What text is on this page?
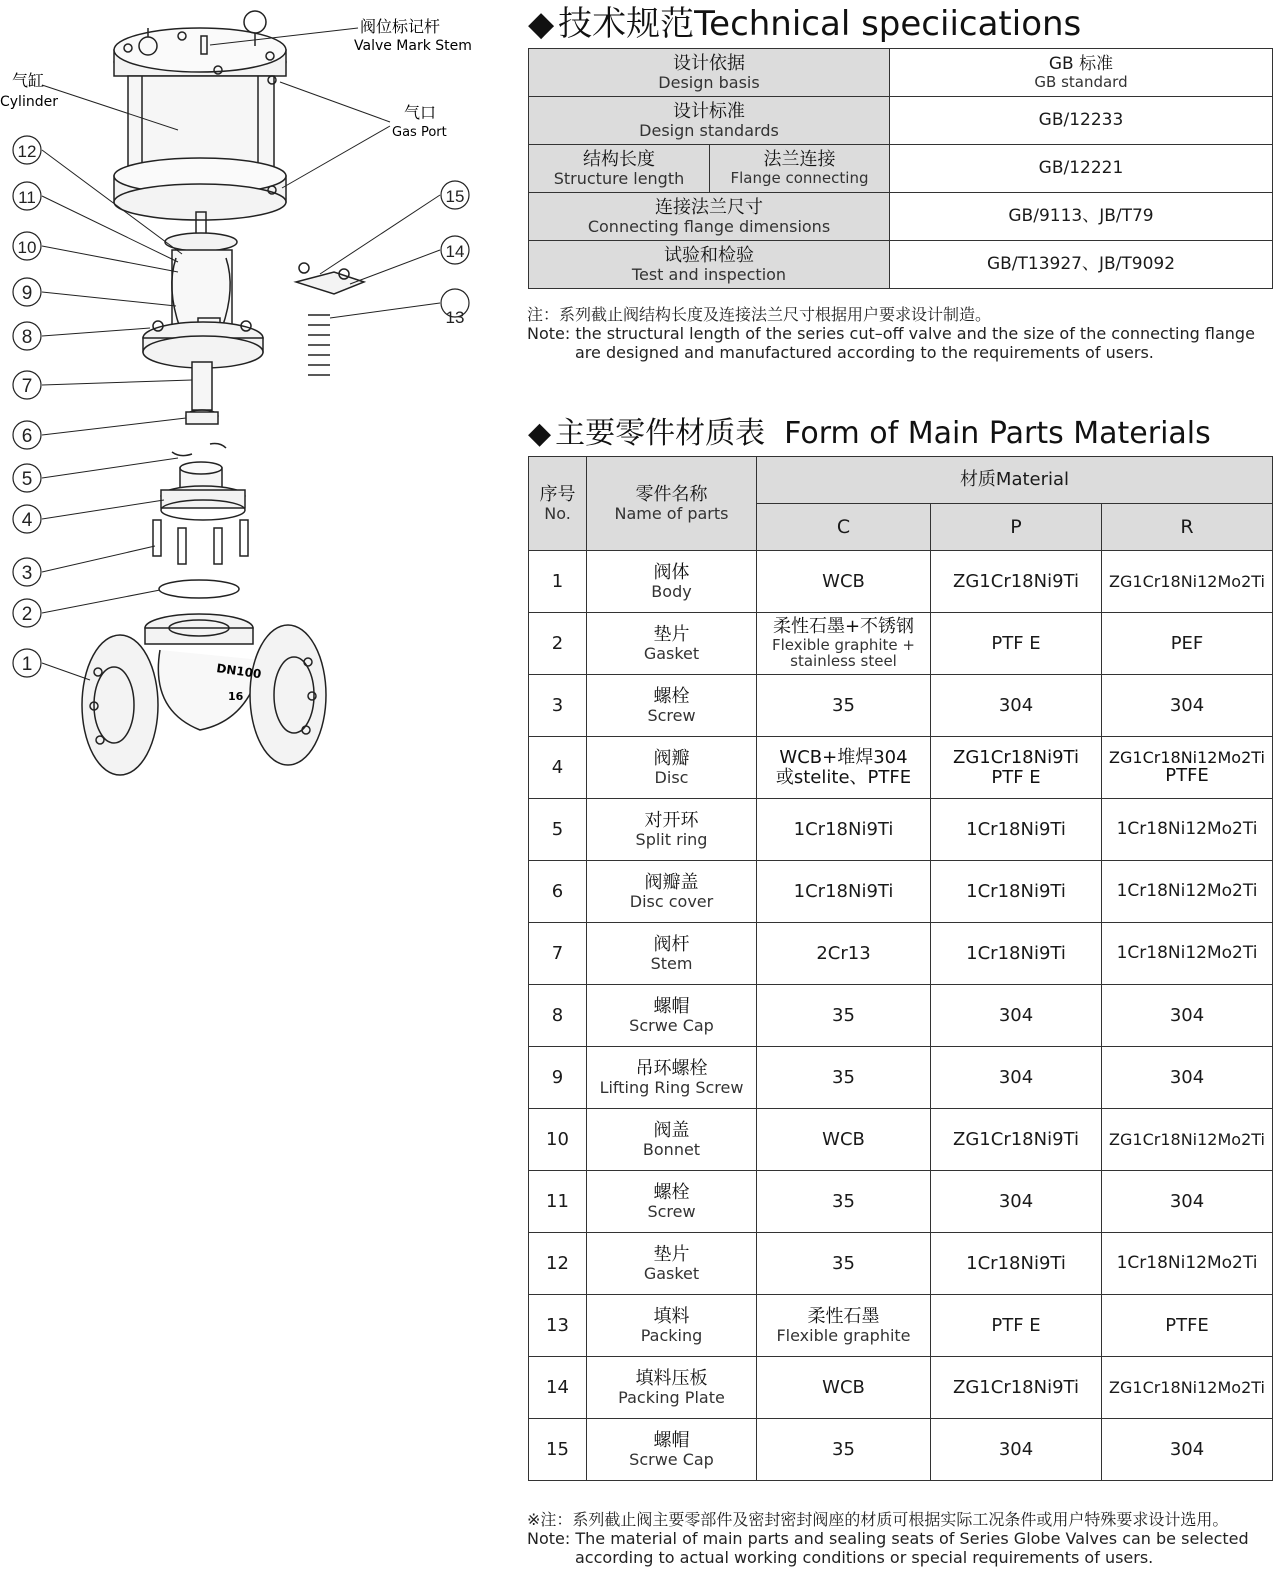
DN100
16
1
2
3
4
5
6
7
8
9
10
11
12
13
14
15
阀位标记杆
Valve Mark Stem
气缸
Cylinder
气口
Gas Port
◆ 技术规范Technical speciications
设计依据
Design basis		GB 标准
GB standard

设计标准
Design standards		GB/12233

结构长度
Structure length	法兰连接
Flange connecting	GB/12221

连接法兰尺寸
Connecting flange dimensions		GB/9113、JB/T79

试验和检验
Test and inspection		GB/T13927、JB/T9092
注：系列截止阀结构长度及连接法兰尺寸根据用户要求设计制造。
Note: the structural length of the series cut–off valve and the size of the connecting flange
are designed and manufactured according to the requirements of users.
◆ 主要零件材质表  Form of Main Parts Materials
序号
No.	零件名称
Name of parts	材质Material		
		C	P	R
1	阀体
Body	WCB	ZG1Cr18Ni9Ti	ZG1Cr18Ni12Mo2Ti
2	垫片
Gasket	柔性石墨+不锈钢
Flexible graphite +
stainless steel	PTF E	PEF
3	螺栓
Screw	35	304	304
4	阀瓣
Disc	WCB+堆焊304
或stelite、PTFE	ZG1Cr18Ni9Ti
PTF E	ZG1Cr18Ni12Mo2Ti
PTFE

5	对开环
Split ring	1Cr18Ni9Ti	1Cr18Ni9Ti	1Cr18Ni12Mo2Ti
6	阀瓣盖
Disc cover	1Cr18Ni9Ti	1Cr18Ni9Ti	1Cr18Ni12Mo2Ti
7	阀杆
Stem	2Cr13	1Cr18Ni9Ti	1Cr18Ni12Mo2Ti
8	螺帽
Scrwe Cap	35	304	304
9	吊环螺栓
Lifting Ring Screw	35	304	304
10	阀盖
Bonnet	WCB	ZG1Cr18Ni9Ti	ZG1Cr18Ni12Mo2Ti
11	螺栓
Screw	35	304	304
12	垫片
Gasket	35	1Cr18Ni9Ti	1Cr18Ni12Mo2Ti
13	填料
Packing	柔性石墨
Flexible graphite	PTF E	PTFE
14	填料压板
Packing Plate	WCB	ZG1Cr18Ni9Ti	ZG1Cr18Ni12Mo2Ti
15	螺帽
Scrwe Cap	35	304	304
※注：系列截止阀主要零部件及密封密封阀座的材质可根据实际工况条件或用户特殊要求设计选用。
Note: The material of main parts and sealing seats of Series Globe Valves can be selected
according to actual working conditions or special requirements of users.
